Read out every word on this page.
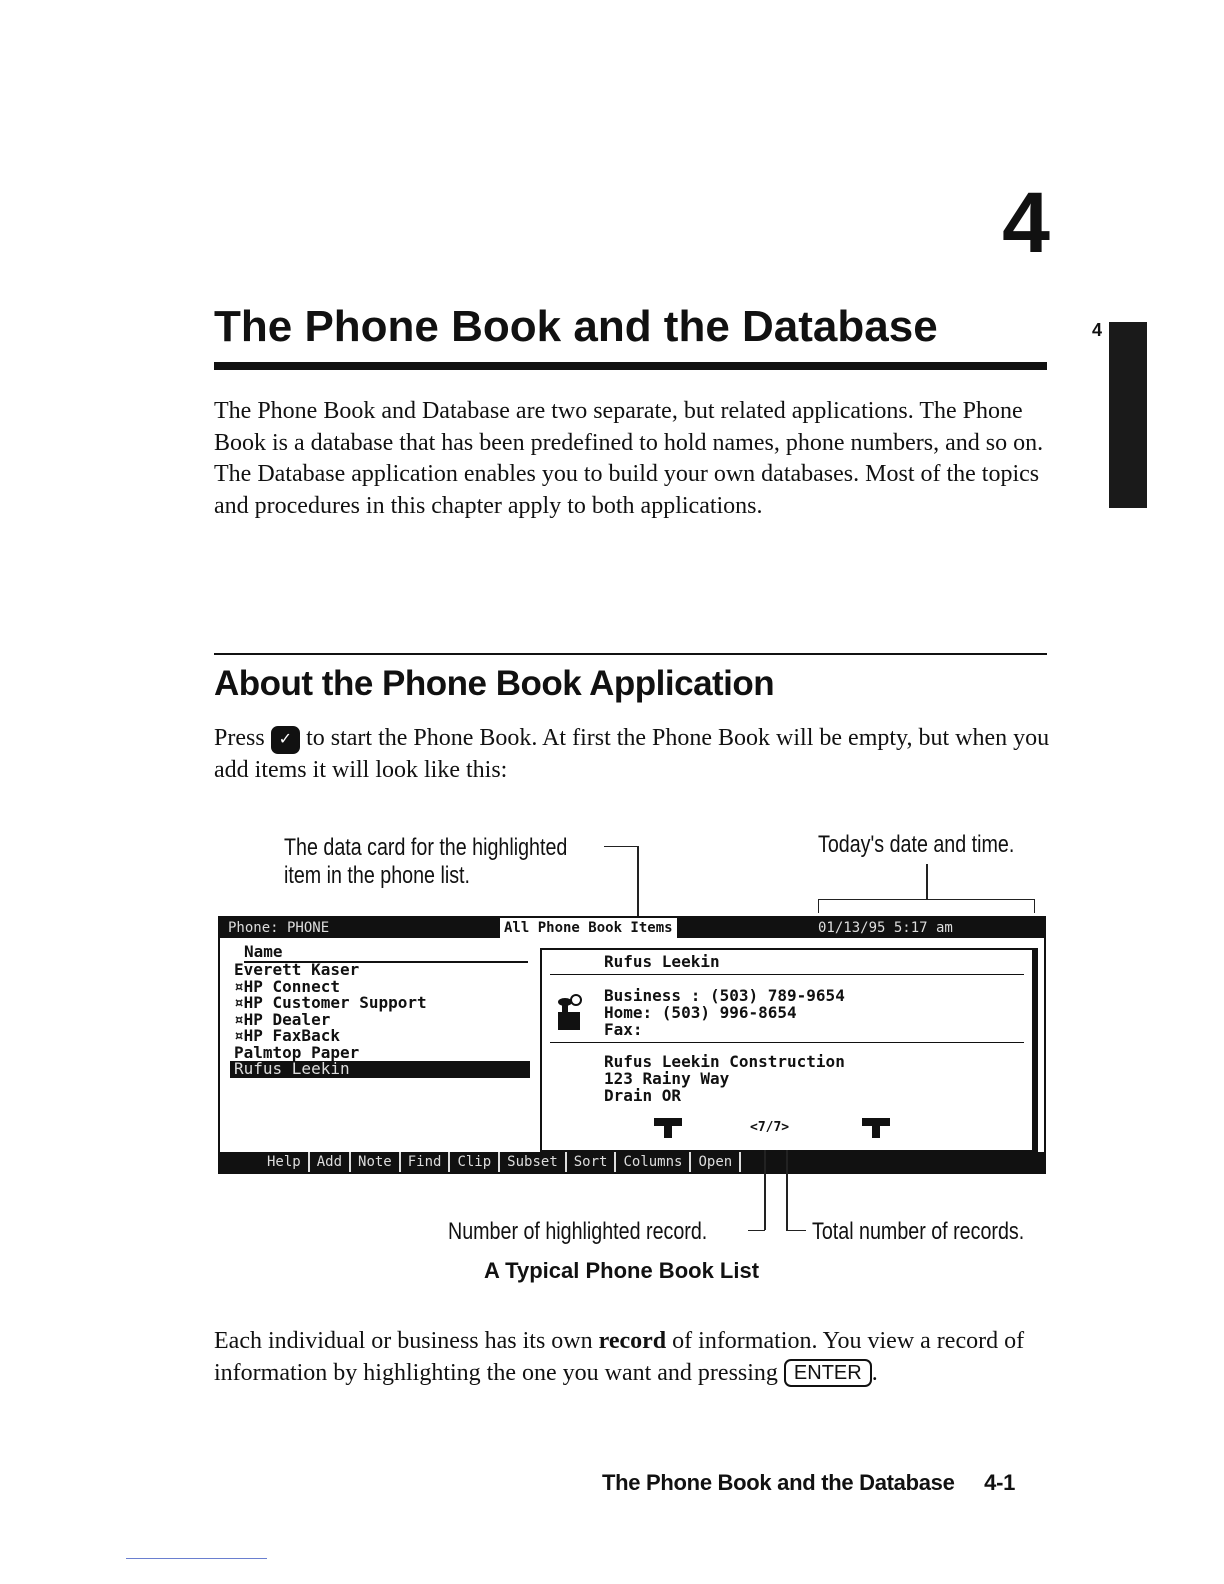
4
The Phone Book and the Database	4

The Phone Book and Database are two separate, but related applications. The Phone Book is a database that has been predefined to hold names, phone numbers, and so on. The Database application enables you to build your own databases. Most of the topics and procedures in this chapter apply to both applications.

About the Phone Book Application

Press ✓ to start the Phone Book. At first the Phone Book will be empty, but when you add items it will look like this:

The data card for the highlighted
item in the phone list.
Today's date and time.
Phone: PHONE	All Phone Book Items	01/13/95 5:17 am
Name
Everett Kaser
¤HP Connect
¤HP Customer Support
¤HP Dealer
¤HP FaxBack
Palmtop Paper
Rufus Leekin
Rufus Leekin
Business : (503) 789-9654
Home: (503) 996-8654
Fax:
Rufus Leekin Construction
123 Rainy Way
Drain OR
<7/7>
Help Add Note Find Clip Subset Sort Columns Open
Number of highlighted record.	Total number of records.
A Typical Phone Book List

Each individual or business has its own record of information. You view a record of information by highlighting the one you want and pressing ENTER .

The Phone Book and the Database 4-1
